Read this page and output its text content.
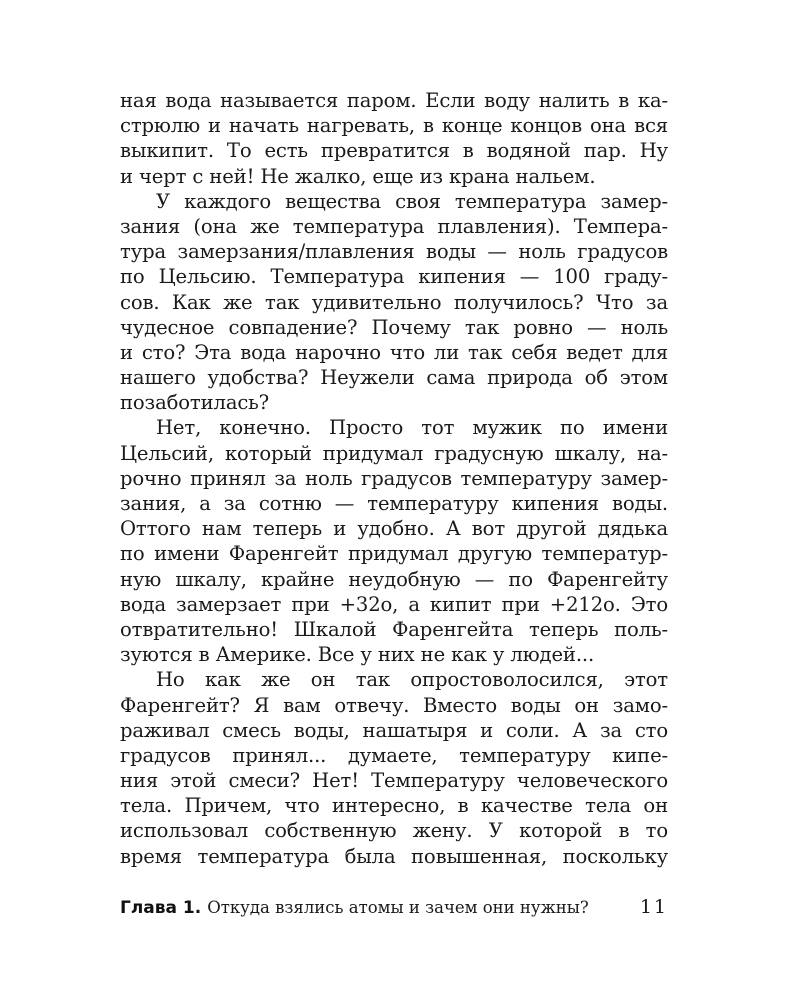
ная вода называется паром. Если воду налить в ка-
стрюлю и начать нагревать, в конце концов она вся
выкипит. То есть превратится в водяной пар. Ну
и черт с ней! Не жалко, еще из крана нальем.
У каждого вещества своя температура замер-
зания (она же температура плавления). Темпера-
тура замерзания/плавления воды — ноль градусов
по Цельсию. Температура кипения — 100 граду-
сов. Как же так удивительно получилось? Что за
чудесное совпадение? Почему так ровно — ноль
и сто? Эта вода нарочно что ли так себя ведет для
нашего удобства? Неужели сама природа об этом
позаботилась?
Нет, конечно. Просто тот мужик по имени
Цельсий, который придумал градусную шкалу, на-
рочно принял за ноль градусов температуру замер-
зания, а за сотню — температуру кипения воды.
Оттого нам теперь и удобно. А вот другой дядька
по имени Фаренгейт придумал другую температур-
ную шкалу, крайне неудобную — по Фаренгейту
вода замерзает при +32о, а кипит при +212о. Это
отвратительно! Шкалой Фаренгейта теперь поль-
зуются в Америке. Все у них не как у людей...
Но как же он так опростоволосился, этот
Фаренгейт? Я вам отвечу. Вместо воды он замо-
раживал смесь воды, нашатыря и соли. А за сто
градусов принял... думаете, температуру кипе-
ния этой смеси? Нет! Температуру человеческого
тела. Причем, что интересно, в качестве тела он
использовал собственную жену. У которой в то
время температура была повышенная, поскольку
Глава 1. Откуда взялись атомы и зачем они нужны?	11
